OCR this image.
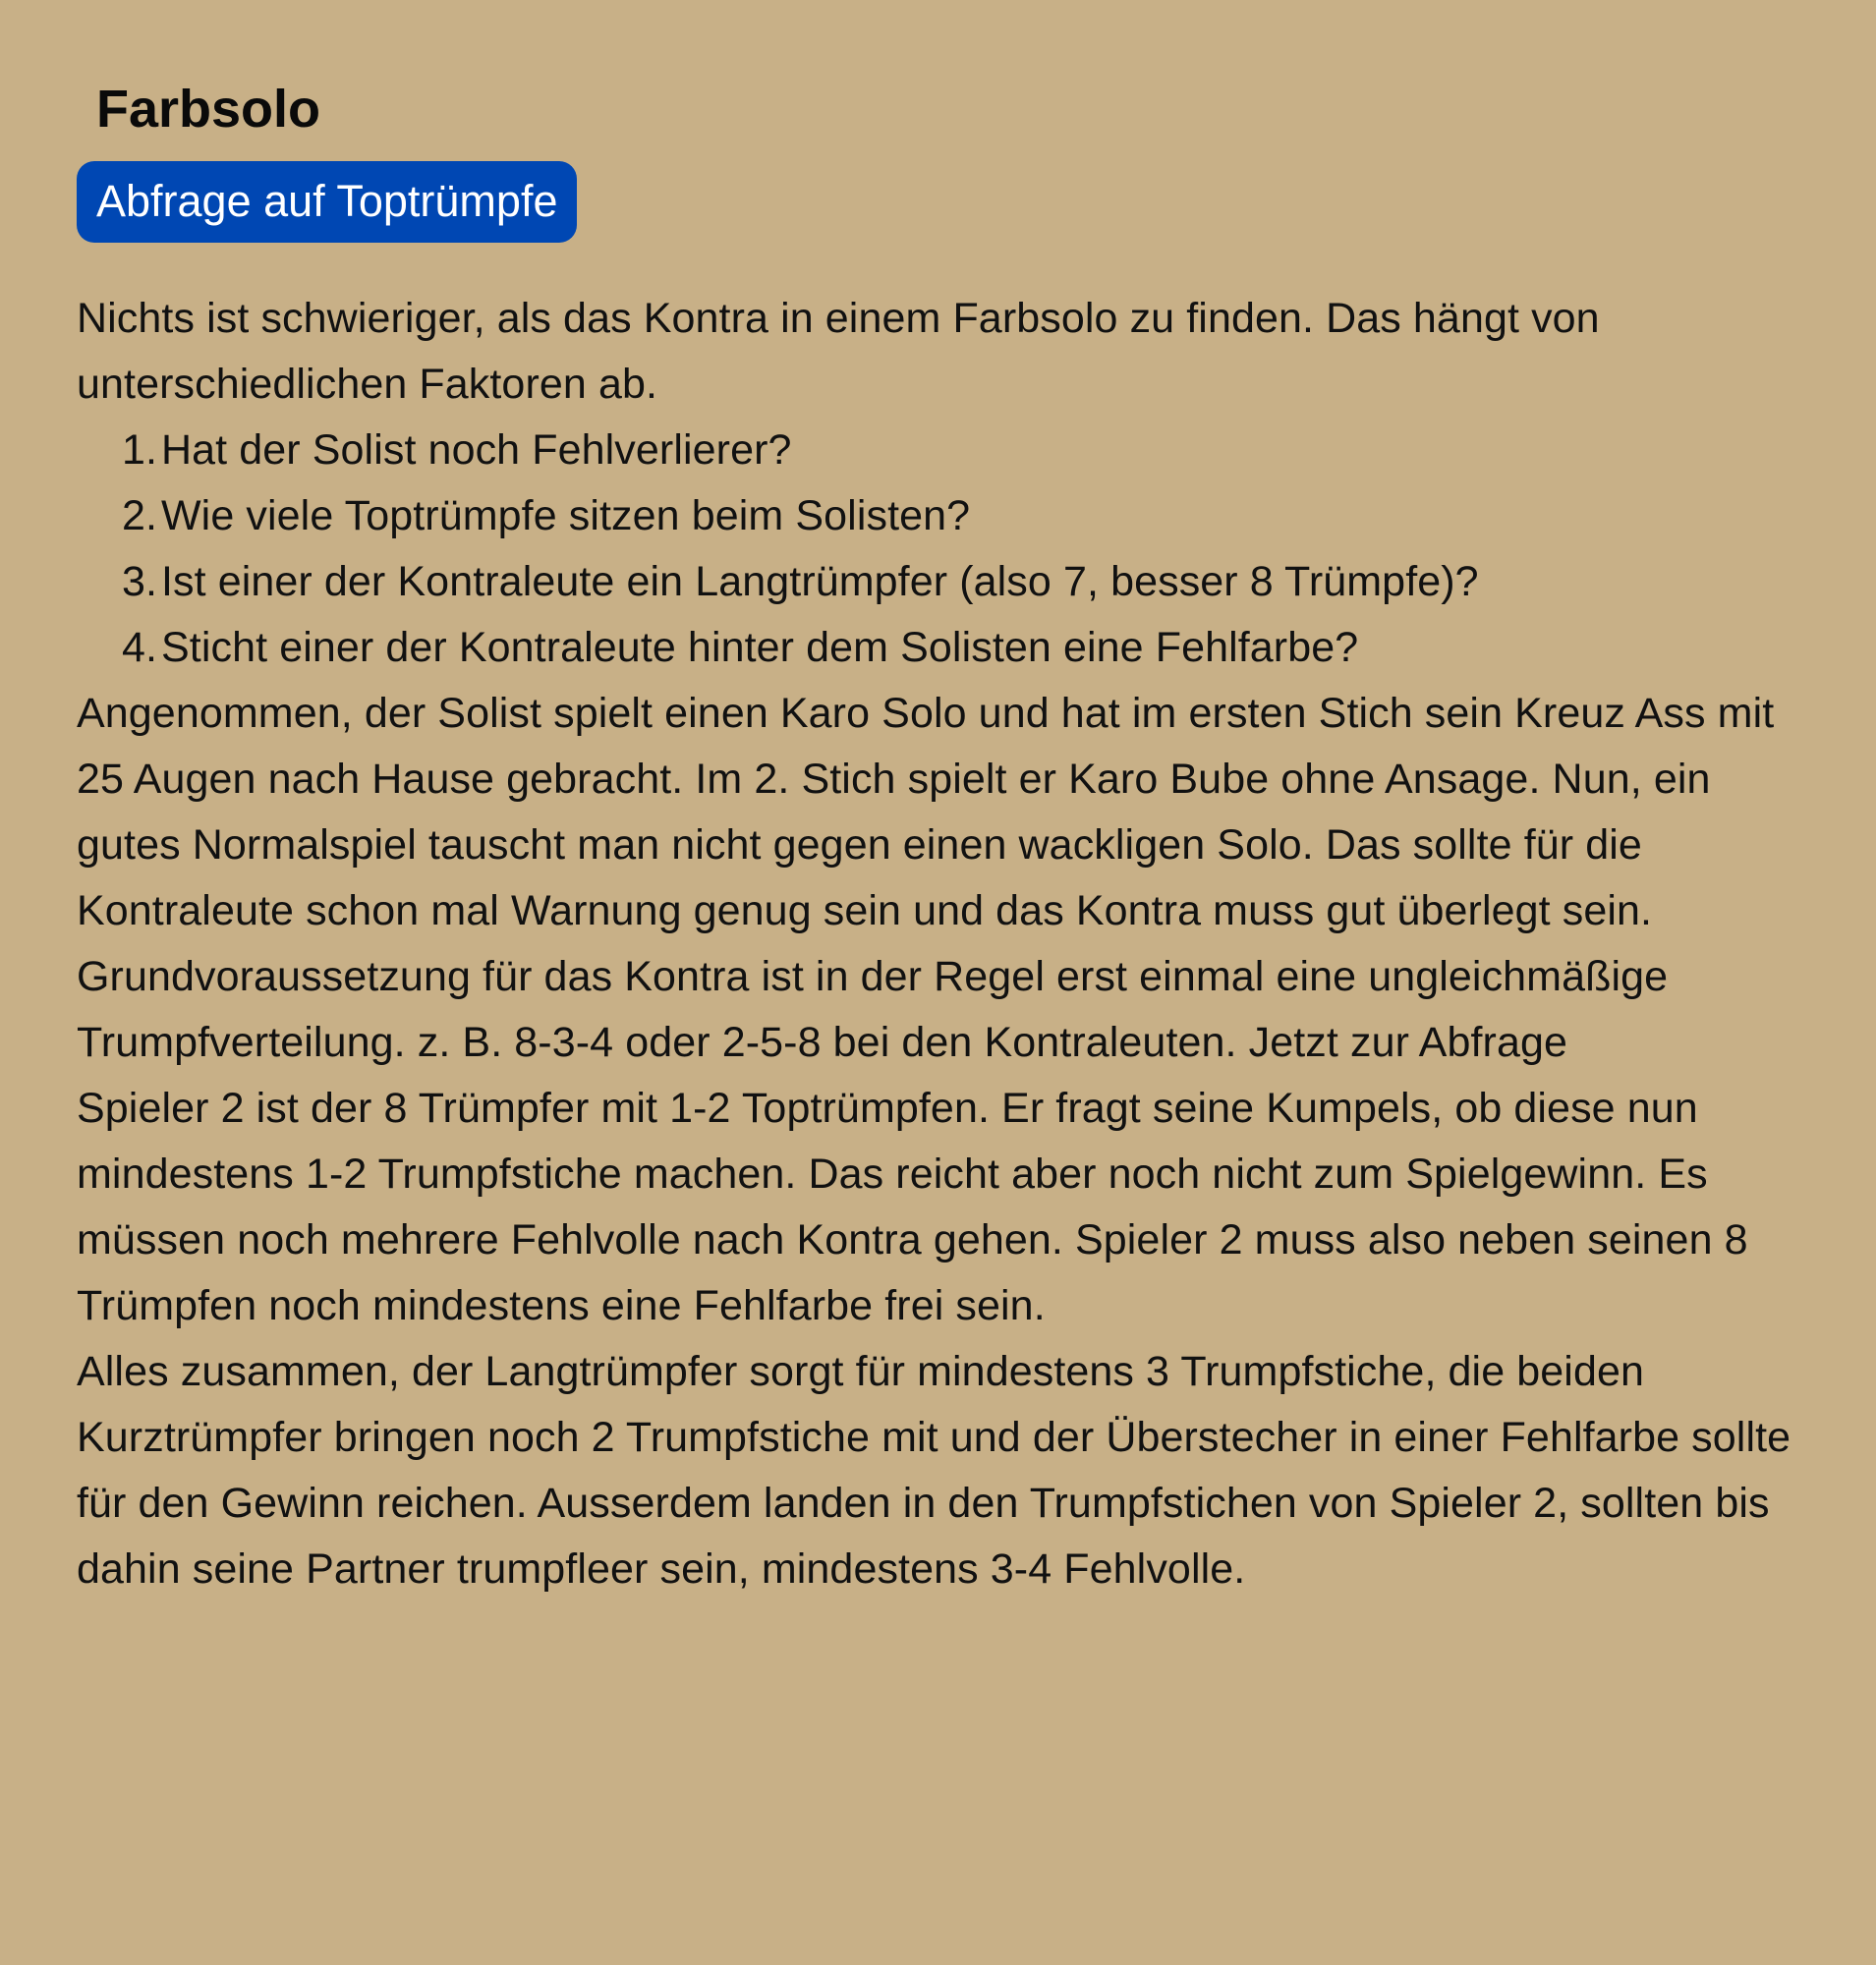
Farbsolo
Abfrage auf Toptrümpfe

Nichts ist schwieriger, als das Kontra in einem Farbsolo zu finden. Das hängt von unterschiedlichen Faktoren ab.

1. Hat der Solist noch Fehlverlierer?
2. Wie viele Toptrümpfe sitzen beim Solisten?
3. Ist einer der Kontraleute ein Langtrümpfer (also 7, besser 8 Trümpfe)?
4. Sticht einer der Kontraleute hinter dem Solisten eine Fehlfarbe?

Angenommen, der Solist spielt einen Karo Solo und hat im ersten Stich sein Kreuz Ass mit 25 Augen nach Hause gebracht. Im 2. Stich spielt er Karo Bube ohne Ansage. Nun, ein gutes Normalspiel tauscht man nicht gegen einen wackligen Solo. Das sollte für die Kontraleute schon mal Warnung genug sein und das Kontra muss gut überlegt sein.

Grundvoraussetzung für das Kontra ist in der Regel erst einmal eine ungleichmäßige Trumpfverteilung. z. B. 8-3-4 oder 2-5-8 bei den Kontraleuten. Jetzt zur Abfrage

Spieler 2 ist der 8 Trümpfer mit 1-2 Toptrümpfen. Er fragt seine Kumpels, ob diese nun mindestens 1-2 Trumpfstiche machen. Das reicht aber noch nicht zum Spielgewinn. Es müssen noch mehrere Fehlvolle nach Kontra gehen. Spieler 2 muss also neben seinen 8 Trümpfen noch mindestens eine Fehlfarbe frei sein.

Alles zusammen, der Langtrümpfer sorgt für mindestens 3 Trumpfstiche, die beiden Kurztrümpfer bringen noch 2 Trumpfstiche mit und der Überstecher in einer Fehlfarbe sollte für den Gewinn reichen. Ausserdem landen in den Trumpfstichen von Spieler 2, sollten bis dahin seine Partner trumpfleer sein, mindestens 3-4 Fehlvolle.
